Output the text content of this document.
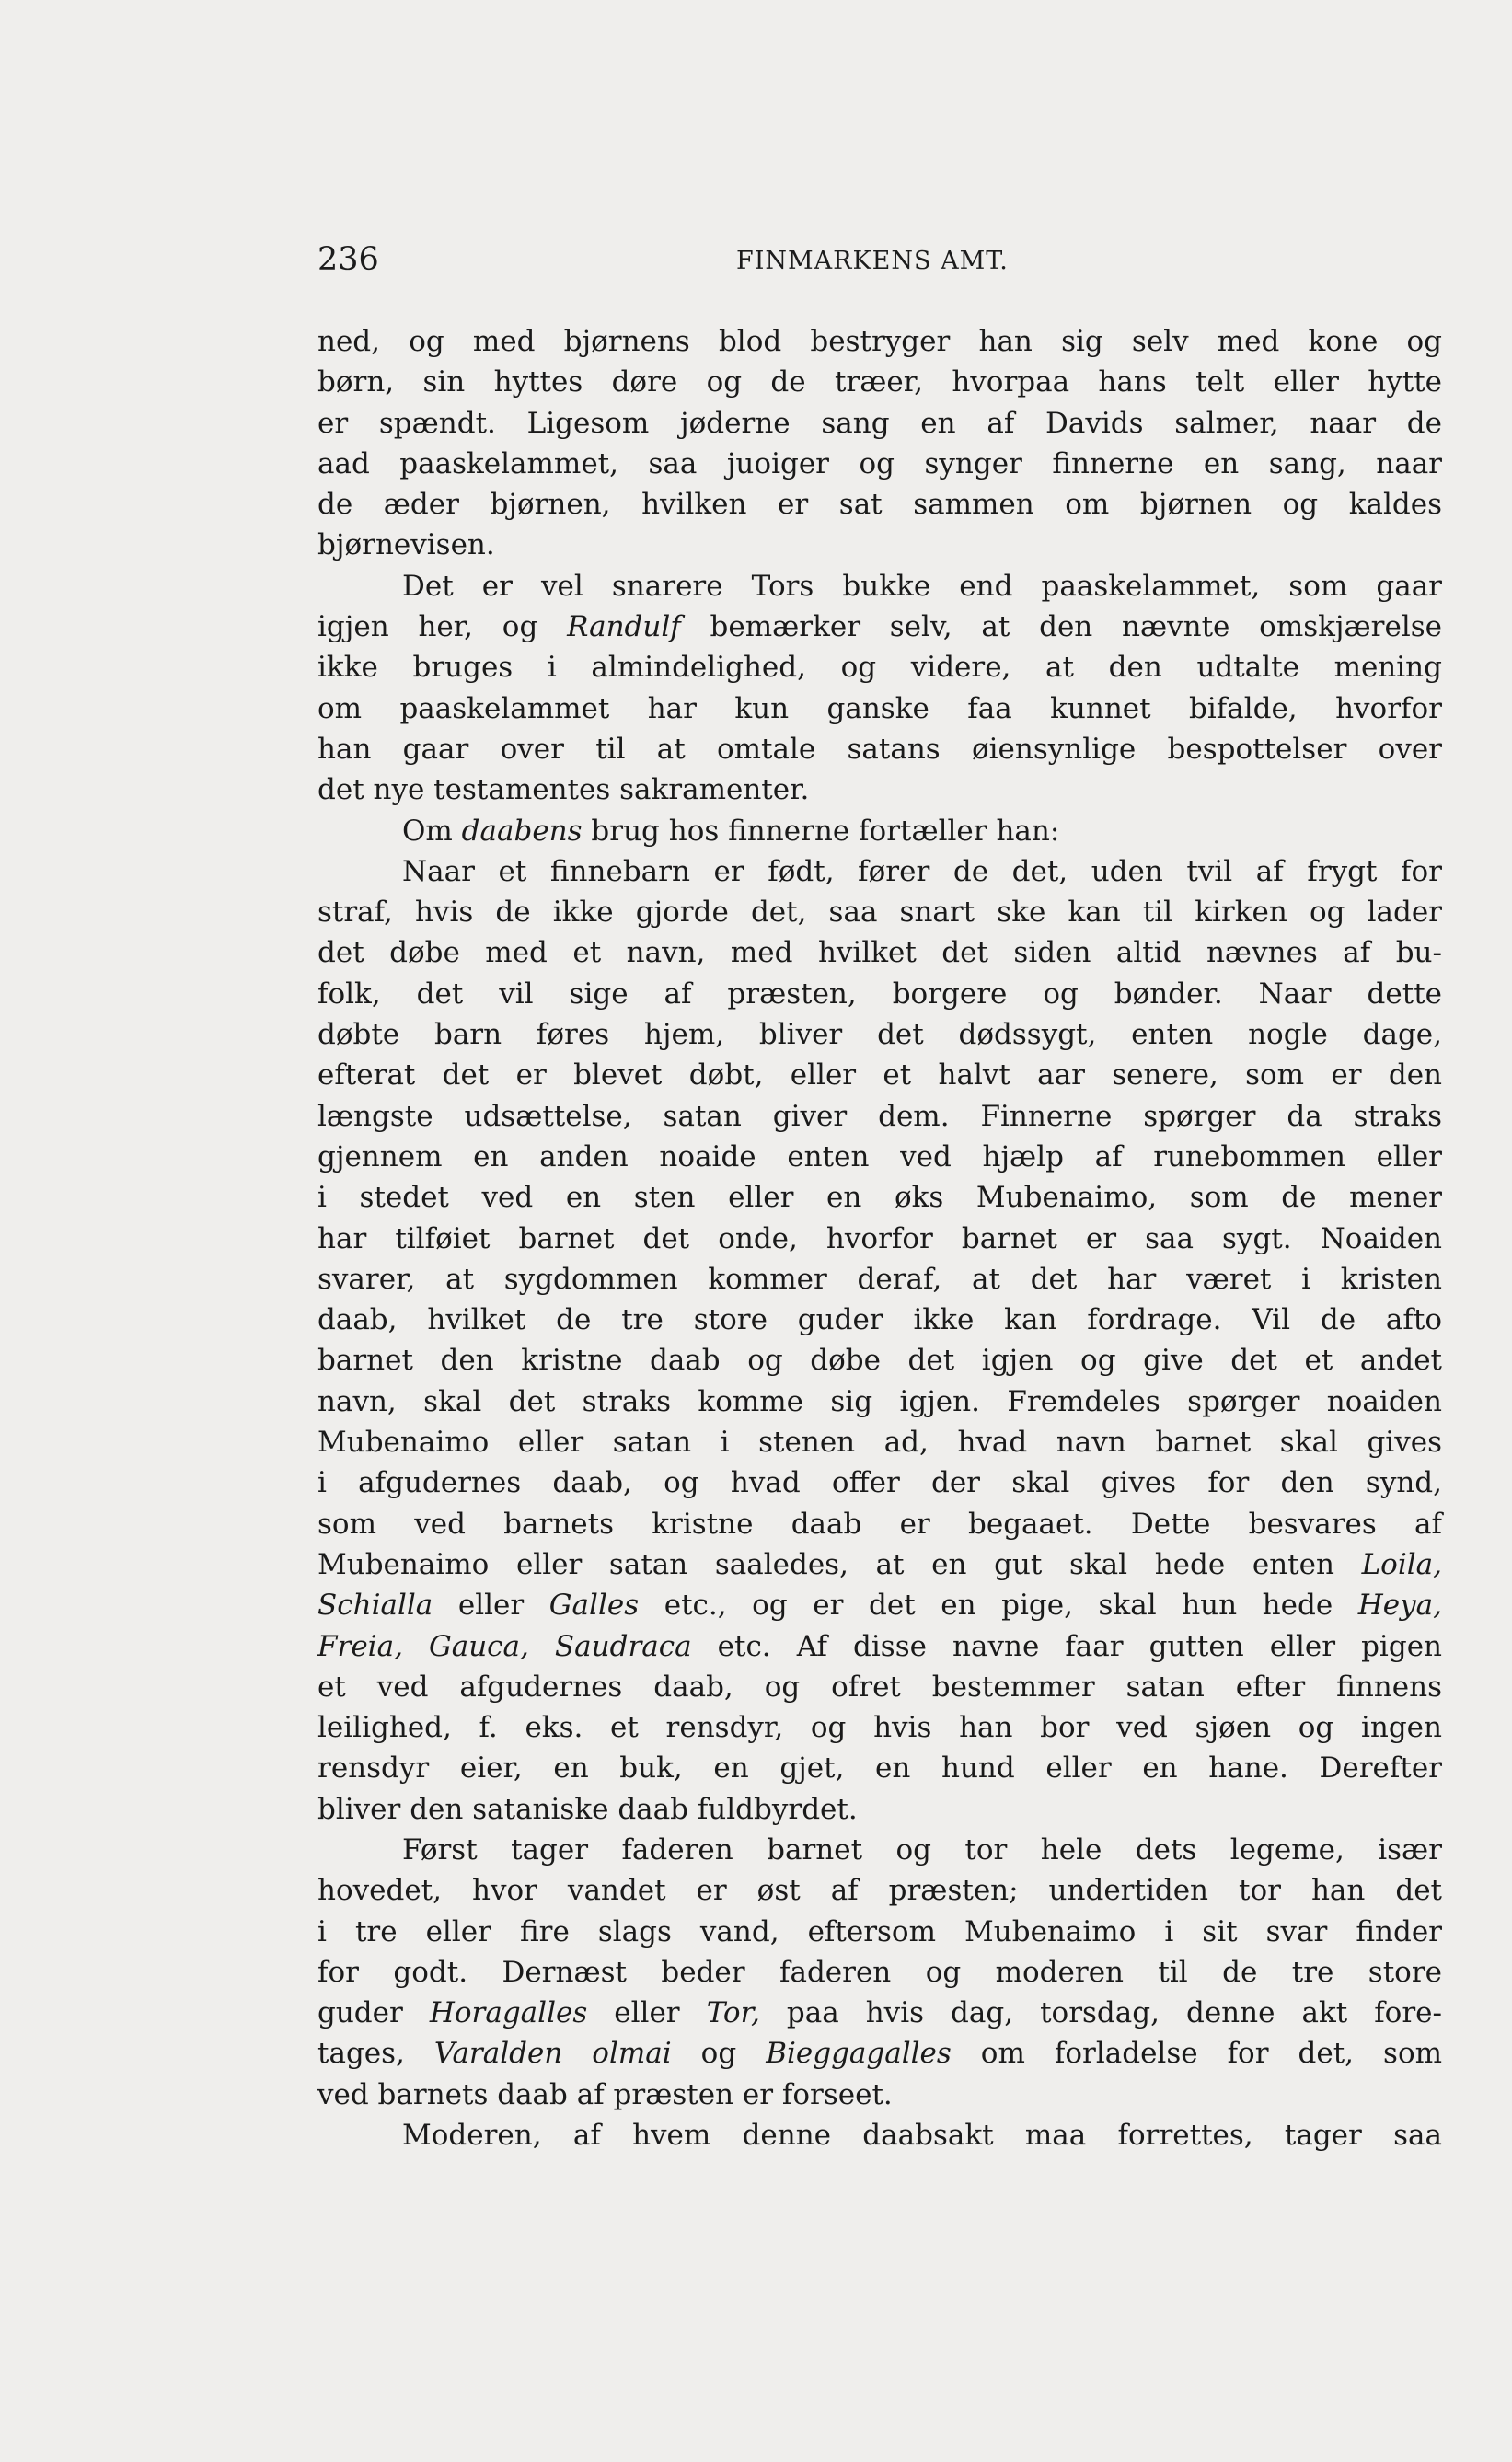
236	FINMARKENS AMT.

ned, og med bjørnens blod bestryger han sig selv med kone og

børn, sin hyttes døre og de træer, hvorpaa hans telt eller hytte

er spændt. Ligesom jøderne sang en af Davids salmer, naar de

aad paaskelammet, saa juoiger og synger finnerne en sang, naar

de æder bjørnen, hvilken er sat sammen om bjørnen og kaldes

bjørnevisen.

Det er vel snarere Tors bukke end paaskelammet, som gaar

igjen her, og Randulf bemærker selv, at den nævnte omskjærelse

ikke bruges i almindelighed, og videre, at den udtalte mening

om paaskelammet har kun ganske faa kunnet bifalde, hvorfor

han gaar over til at omtale satans øiensynlige bespottelser over

det nye testamentes sakramenter.

Om daabens brug hos finnerne fortæller han:

Naar et finnebarn er født, fører de det, uden tvil af frygt for

straf, hvis de ikke gjorde det, saa snart ske kan til kirken og lader

det døbe med et navn, med hvilket det siden altid nævnes af bu-

folk, det vil sige af præsten, borgere og bønder. Naar dette

døbte barn føres hjem, bliver det dødssygt, enten nogle dage,

efterat det er blevet døbt, eller et halvt aar senere, som er den

længste udsættelse, satan giver dem. Finnerne spørger da straks

gjennem en anden noaide enten ved hjælp af runebommen eller

i stedet ved en sten eller en øks Mubenaimo, som de mener

har tilføiet barnet det onde, hvorfor barnet er saa sygt. Noaiden

svarer, at sygdommen kommer deraf, at det har været i kristen

daab, hvilket de tre store guder ikke kan fordrage. Vil de afto

barnet den kristne daab og døbe det igjen og give det et andet

navn, skal det straks komme sig igjen. Fremdeles spørger noaiden

Mubenaimo eller satan i stenen ad, hvad navn barnet skal gives

i afgudernes daab, og hvad offer der skal gives for den synd,

som ved barnets kristne daab er begaaet. Dette besvares af

Mubenaimo eller satan saaledes, at en gut skal hede enten Loila,

Schialla eller Galles etc., og er det en pige, skal hun hede Heya,

Freia, Gauca, Saudraca etc. Af disse navne faar gutten eller pigen

et ved afgudernes daab, og ofret bestemmer satan efter finnens

leilighed, f. eks. et rensdyr, og hvis han bor ved sjøen og ingen

rensdyr eier, en buk, en gjet, en hund eller en hane. Derefter

bliver den sataniske daab fuldbyrdet.

Først tager faderen barnet og tor hele dets legeme, især

hovedet, hvor vandet er øst af præsten; undertiden tor han det

i tre eller fire slags vand, eftersom Mubenaimo i sit svar finder

for godt. Dernæst beder faderen og moderen til de tre store

guder Horagalles eller Tor, paa hvis dag, torsdag, denne akt fore-

tages, Varalden olmai og Bieggagalles om forladelse for det, som

ved barnets daab af præsten er forseet.

Moderen, af hvem denne daabsakt maa forrettes, tager saa
